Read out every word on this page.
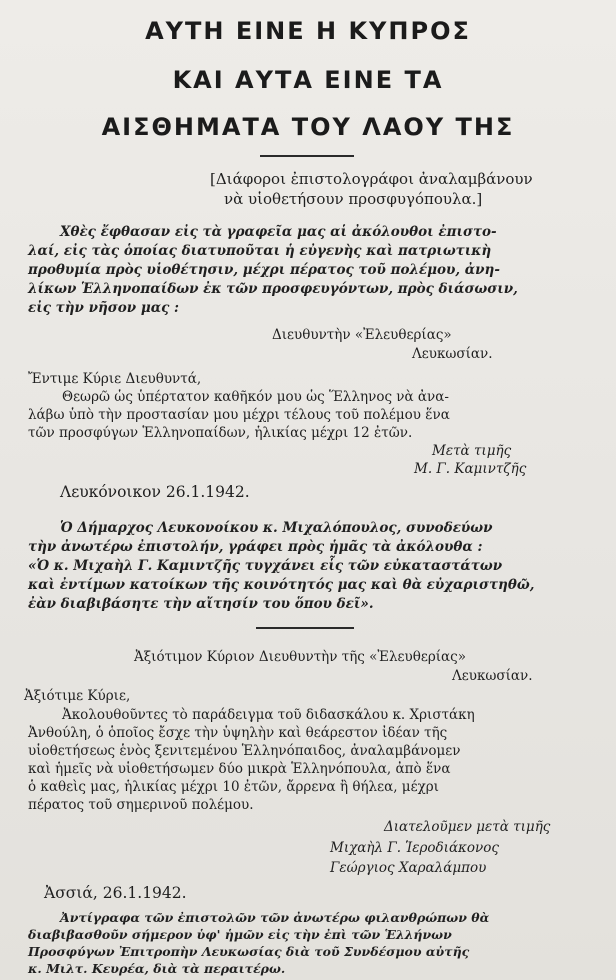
ΑΥΤΗ ΕΙΝΕ Η ΚΥΠΡΟΣ
ΚΑΙ ΑΥΤΑ ΕΙΝΕ ΤΑ
ΑΙΣΘΗΜΑΤΑ ΤΟΥ ΛΑΟΥ ΤΗΣ
[Διάφοροι ἐπιστολογράφοι ἀναλαμβάνουν
νὰ υἱοθετήσουν προσφυγόπουλα.]
Χθὲς ἔφθασαν εἰς τὰ γραφεῖα μας αἱ ἀκόλουθοι ἐπιστο-
λαί, εἰς τὰς ὁποίας διατυποῦται ἡ εὐγενὴς καὶ πατριωτικὴ
προθυμία πρὸς υἱοθέτησιν, μέχρι πέρατος τοῦ πολέμου, ἀνη-
λίκων Ἑλληνοπαίδων ἐκ τῶν προσφευγόντων, πρὸς διάσωσιν,
εἰς τὴν νῆσον μας :
Διευθυντὴν «Ἐλευθερίας»
Λευκωσίαν.
Ἔντιμε Κύριε Διευθυντά,
Θεωρῶ ὡς ὑπέρτατον καθῆκόν μου ὡς Ἕλληνος νὰ ἀνα-
λάβω ὑπὸ τὴν προστασίαν μου μέχρι τέλους τοῦ πολέμου ἕνα
τῶν προσφύγων Ἑλληνοπαίδων, ἡλικίας μέχρι 12 ἐτῶν.
Μετὰ τιμῆς
Μ. Γ. Καμιντζῆς
Λευκόνοικον 26.1.1942.
Ὁ Δήμαρχος Λευκονοίκου κ. Μιχαλόπουλος, συνοδεύων
τὴν ἀνωτέρω ἐπιστολήν, γράφει πρὸς ἡμᾶς τὰ ἀκόλουθα :
«Ὁ κ. Μιχαὴλ Γ. Καμιντζῆς τυγχάνει εἷς τῶν εὐκαταστάτων
καὶ ἐντίμων κατοίκων τῆς κοινότητός μας καὶ θὰ εὐχαριστηθῶ,
ἐὰν διαβιβάσητε τὴν αἴτησίν του ὅπου δεῖ».
Ἀξιότιμον Κύριον Διευθυντὴν τῆς «Ἐλευθερίας»
Λευκωσίαν.
Ἀξιότιμε Κύριε,
Ἀκολουθοῦντες τὸ παράδειγμα τοῦ διδασκάλου κ. Χριστάκη
Ἀνθούλη, ὁ ὁποῖος ἔσχε τὴν ὑψηλὴν καὶ θεάρεστον ἰδέαν τῆς
υἱοθετήσεως ἑνὸς ξενιτεμένου Ἑλληνόπαιδος, ἀναλαμβάνομεν
καὶ ἡμεῖς νὰ υἱοθετήσωμεν δύο μικρὰ Ἑλληνόπουλα, ἀπὸ ἕνα
ὁ καθεὶς μας, ἡλικίας μέχρι 10 ἐτῶν, ἄρρενα ἢ θήλεα, μέχρι
πέρατος τοῦ σημερινοῦ πολέμου.
Διατελοῦμεν μετὰ τιμῆς
Μιχαὴλ Γ. Ἱεροδιάκονος
Γεώργιος Χαραλάμπου
Ἀσσιά, 26.1.1942.
Ἀντίγραφα τῶν ἐπιστολῶν τῶν ἀνωτέρω φιλανθρώπων θὰ
διαβιβασθοῦν σήμερον ὑφ' ἡμῶν εἰς τὴν ἐπὶ τῶν Ἑλλήνων
Προσφύγων Ἐπιτροπὴν Λευκωσίας διὰ τοῦ Συνδέσμου αὐτῆς
κ. Μιλτ. Κευρέα, διὰ τὰ περαιτέρω.
